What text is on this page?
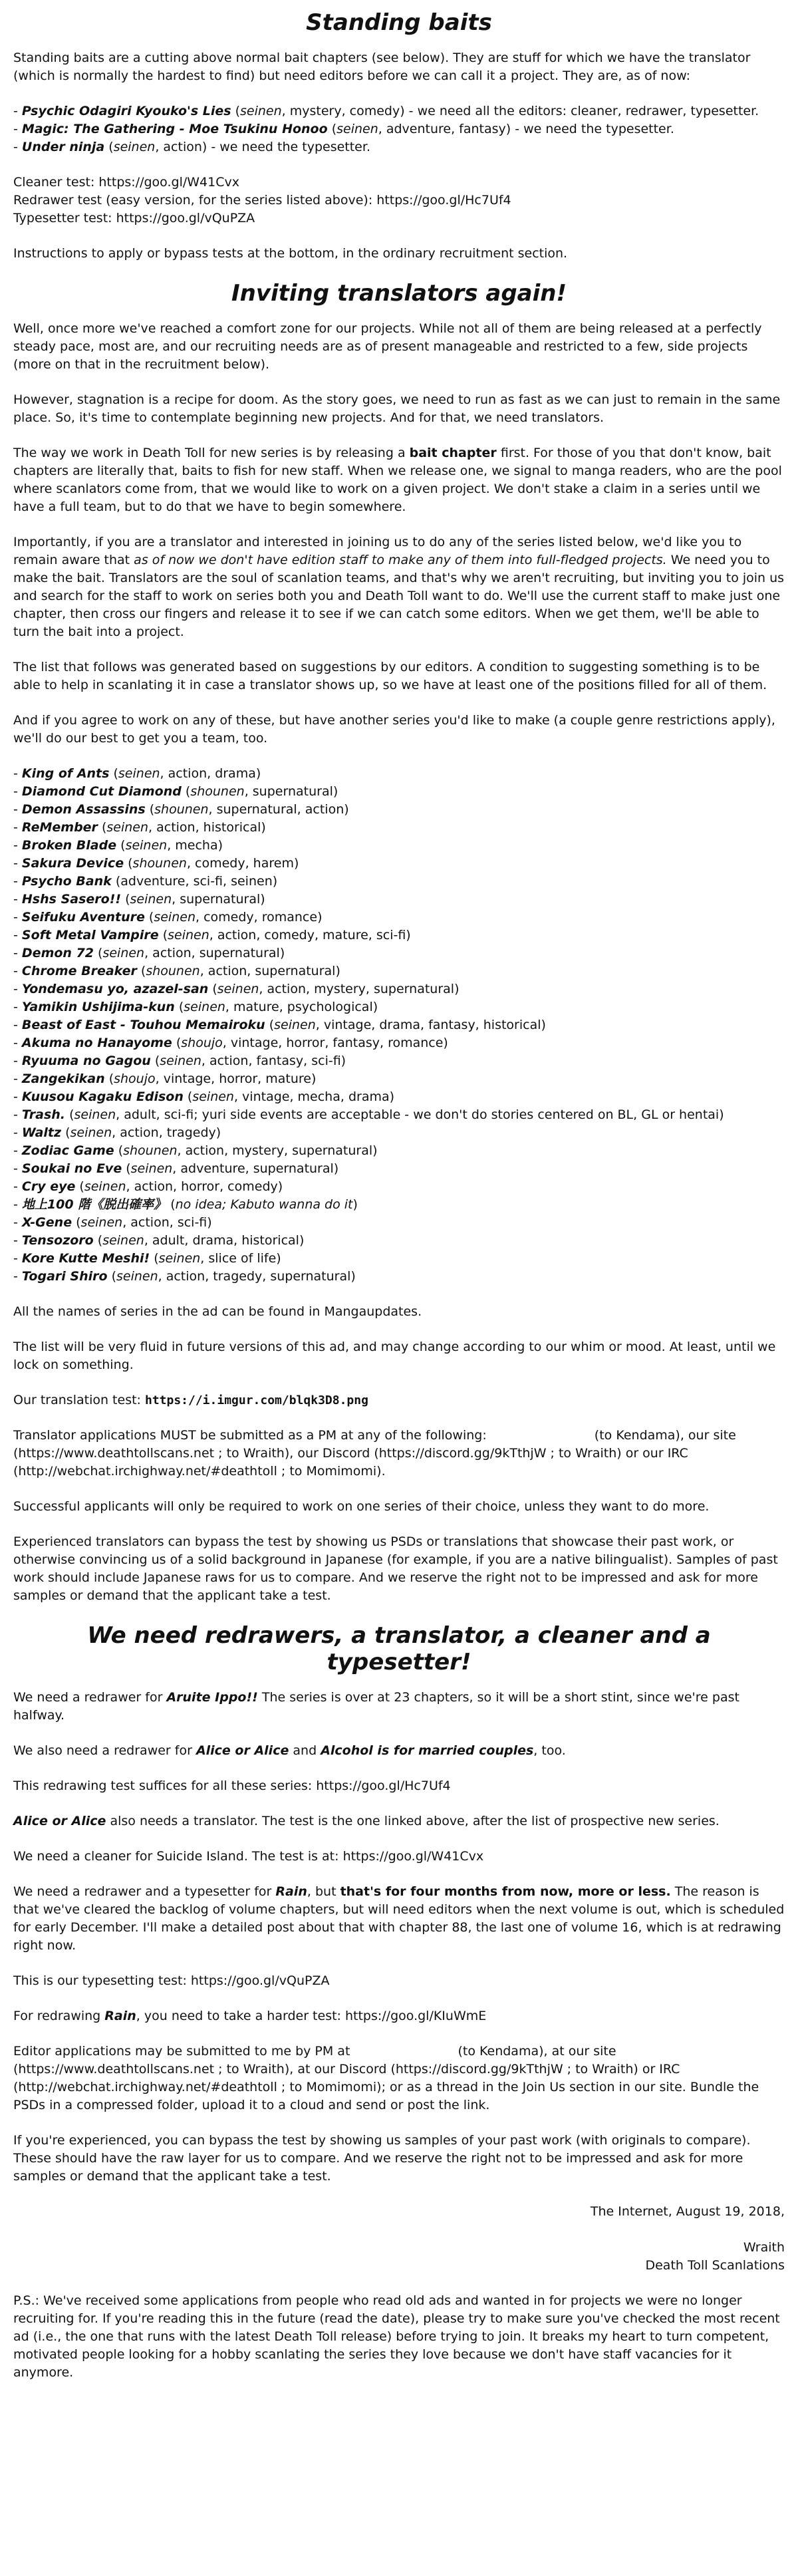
Standing baits

Standing baits are a cutting above normal bait chapters (see below). They are stuff for which we have the translator (which is normally the hardest to find) but need editors before we can call it a project. They are, as of now:

- Psychic Odagiri Kyouko's Lies (seinen, mystery, comedy) - we need all the editors: cleaner, redrawer, typesetter.
- Magic: The Gathering - Moe Tsukinu Honoo (seinen, adventure, fantasy) - we need the typesetter.
- Under ninja (seinen, action) - we need the typesetter.
Cleaner test: https://goo.gl/W41Cvx
Redrawer test (easy version, for the series listed above): https://goo.gl/Hc7Uf4
Typesetter test: https://goo.gl/vQuPZA

Instructions to apply or bypass tests at the bottom, in the ordinary recruitment section.

Inviting translators again!

Well, once more we've reached a comfort zone for our projects. While not all of them are being released at a perfectly steady pace, most are, and our recruiting needs are as of present manageable and restricted to a few, side projects (more on that in the recruitment below).

However, stagnation is a recipe for doom. As the story goes, we need to run as fast as we can just to remain in the same place. So, it's time to contemplate beginning new projects. And for that, we need translators.

The way we work in Death Toll for new series is by releasing a bait chapter first. For those of you that don't know, bait chapters are literally that, baits to fish for new staff. When we release one, we signal to manga readers, who are the pool where scanlators come from, that we would like to work on a given project. We don't stake a claim in a series until we have a full team, but to do that we have to begin somewhere.

Importantly, if you are a translator and interested in joining us to do any of the series listed below, we'd like you to remain aware that as of now we don't have edition staff to make any of them into full-fledged projects. We need you to make the bait. Translators are the soul of scanlation teams, and that's why we aren't recruiting, but inviting you to join us and search for the staff to work on series both you and Death Toll want to do. We'll use the current staff to make just one chapter, then cross our fingers and release it to see if we can catch some editors. When we get them, we'll be able to turn the bait into a project.

The list that follows was generated based on suggestions by our editors. A condition to suggesting something is to be able to help in scanlating it in case a translator shows up, so we have at least one of the positions filled for all of them.

And if you agree to work on any of these, but have another series you'd like to make (a couple genre restrictions apply), we'll do our best to get you a team, too.

- King of Ants (seinen, action, drama)
- Diamond Cut Diamond (shounen, supernatural)
- Demon Assassins (shounen, supernatural, action)
- ReMember (seinen, action, historical)
- Broken Blade (seinen, mecha)
- Sakura Device (shounen, comedy, harem)
- Psycho Bank (adventure, sci-fi, seinen)
- Hshs Sasero!! (seinen, supernatural)
- Seifuku Aventure (seinen, comedy, romance)
- Soft Metal Vampire (seinen, action, comedy, mature, sci-fi)
- Demon 72 (seinen, action, supernatural)
- Chrome Breaker (shounen, action, supernatural)
- Yondemasu yo, azazel-san (seinen, action, mystery, supernatural)
- Yamikin Ushijima-kun (seinen, mature, psychological)
- Beast of East - Touhou Memairoku (seinen, vintage, drama, fantasy, historical)
- Akuma no Hanayome (shoujo, vintage, horror, fantasy, romance)
- Ryuuma no Gagou (seinen, action, fantasy, sci-fi)
- Zangekikan (shoujo, vintage, horror, mature)
- Kuusou Kagaku Edison (seinen, vintage, mecha, drama)
- Trash. (seinen, adult, sci-fi; yuri side events are acceptable - we don't do stories centered on BL, GL or hentai)
- Waltz (seinen, action, tragedy)
- Zodiac Game (shounen, action, mystery, supernatural)
- Soukai no Eve (seinen, adventure, supernatural)
- Cry eye (seinen, action, horror, comedy)
- 地上100 階《脱出確率》 (no idea; Kabuto wanna do it)
- X-Gene (seinen, action, sci-fi)
- Tensozoro (seinen, adult, drama, historical)
- Kore Kutte Meshi! (seinen, slice of life)
- Togari Shiro (seinen, action, tragedy, supernatural)

All the names of series in the ad can be found in Mangaupdates.

The list will be very fluid in future versions of this ad, and may change according to our whim or mood. At least, until we lock on something.

Our translation test: https://i.imgur.com/blqk3D8.png

Translator applications MUST be submitted as a PM at any of the following:	(to Kendama), our site (https://www.deathtollscans.net ; to Wraith), our Discord (https://discord.gg/9kTthjW ; to Wraith) or our IRC (http://webchat.irchighway.net/#deathtoll ; to Momimomi).

Successful applicants will only be required to work on one series of their choice, unless they want to do more.

Experienced translators can bypass the test by showing us PSDs or translations that showcase their past work, or otherwise convincing us of a solid background in Japanese (for example, if you are a native bilingualist). Samples of past work should include Japanese raws for us to compare. And we reserve the right not to be impressed and ask for more samples or demand that the applicant take a test.

We need redrawers, a translator, a cleaner and a typesetter!

We need a redrawer for Aruite Ippo!! The series is over at 23 chapters, so it will be a short stint, since we're past halfway.

We also need a redrawer for Alice or Alice and Alcohol is for married couples, too.

This redrawing test suffices for all these series: https://goo.gl/Hc7Uf4

Alice or Alice also needs a translator. The test is the one linked above, after the list of prospective new series.

We need a cleaner for Suicide Island. The test is at: https://goo.gl/W41Cvx

We need a redrawer and a typesetter for Rain, but that's for four months from now, more or less. The reason is that we've cleared the backlog of volume chapters, but will need editors when the next volume is out, which is scheduled for early December. I'll make a detailed post about that with chapter 88, the last one of volume 16, which is at redrawing right now.

This is our typesetting test: https://goo.gl/vQuPZA

For redrawing Rain, you need to take a harder test: https://goo.gl/KIuWmE

Editor applications may be submitted to me by PM at	(to Kendama), at our site (https://www.deathtollscans.net ; to Wraith), at our Discord (https://discord.gg/9kTthjW ; to Wraith) or IRC (http://webchat.irchighway.net/#deathtoll ; to Momimomi); or as a thread in the Join Us section in our site. Bundle the PSDs in a compressed folder, upload it to a cloud and send or post the link.

If you're experienced, you can bypass the test by showing us samples of your past work (with originals to compare). These should have the raw layer for us to compare. And we reserve the right not to be impressed and ask for more samples or demand that the applicant take a test.

The Internet, August 19, 2018,
Wraith
Death Toll Scanlations

P.S.: We've received some applications from people who read old ads and wanted in for projects we were no longer recruiting for. If you're reading this in the future (read the date), please try to make sure you've checked the most recent ad (i.e., the one that runs with the latest Death Toll release) before trying to join. It breaks my heart to turn competent, motivated people looking for a hobby scanlating the series they love because we don't have staff vacancies for it anymore.
